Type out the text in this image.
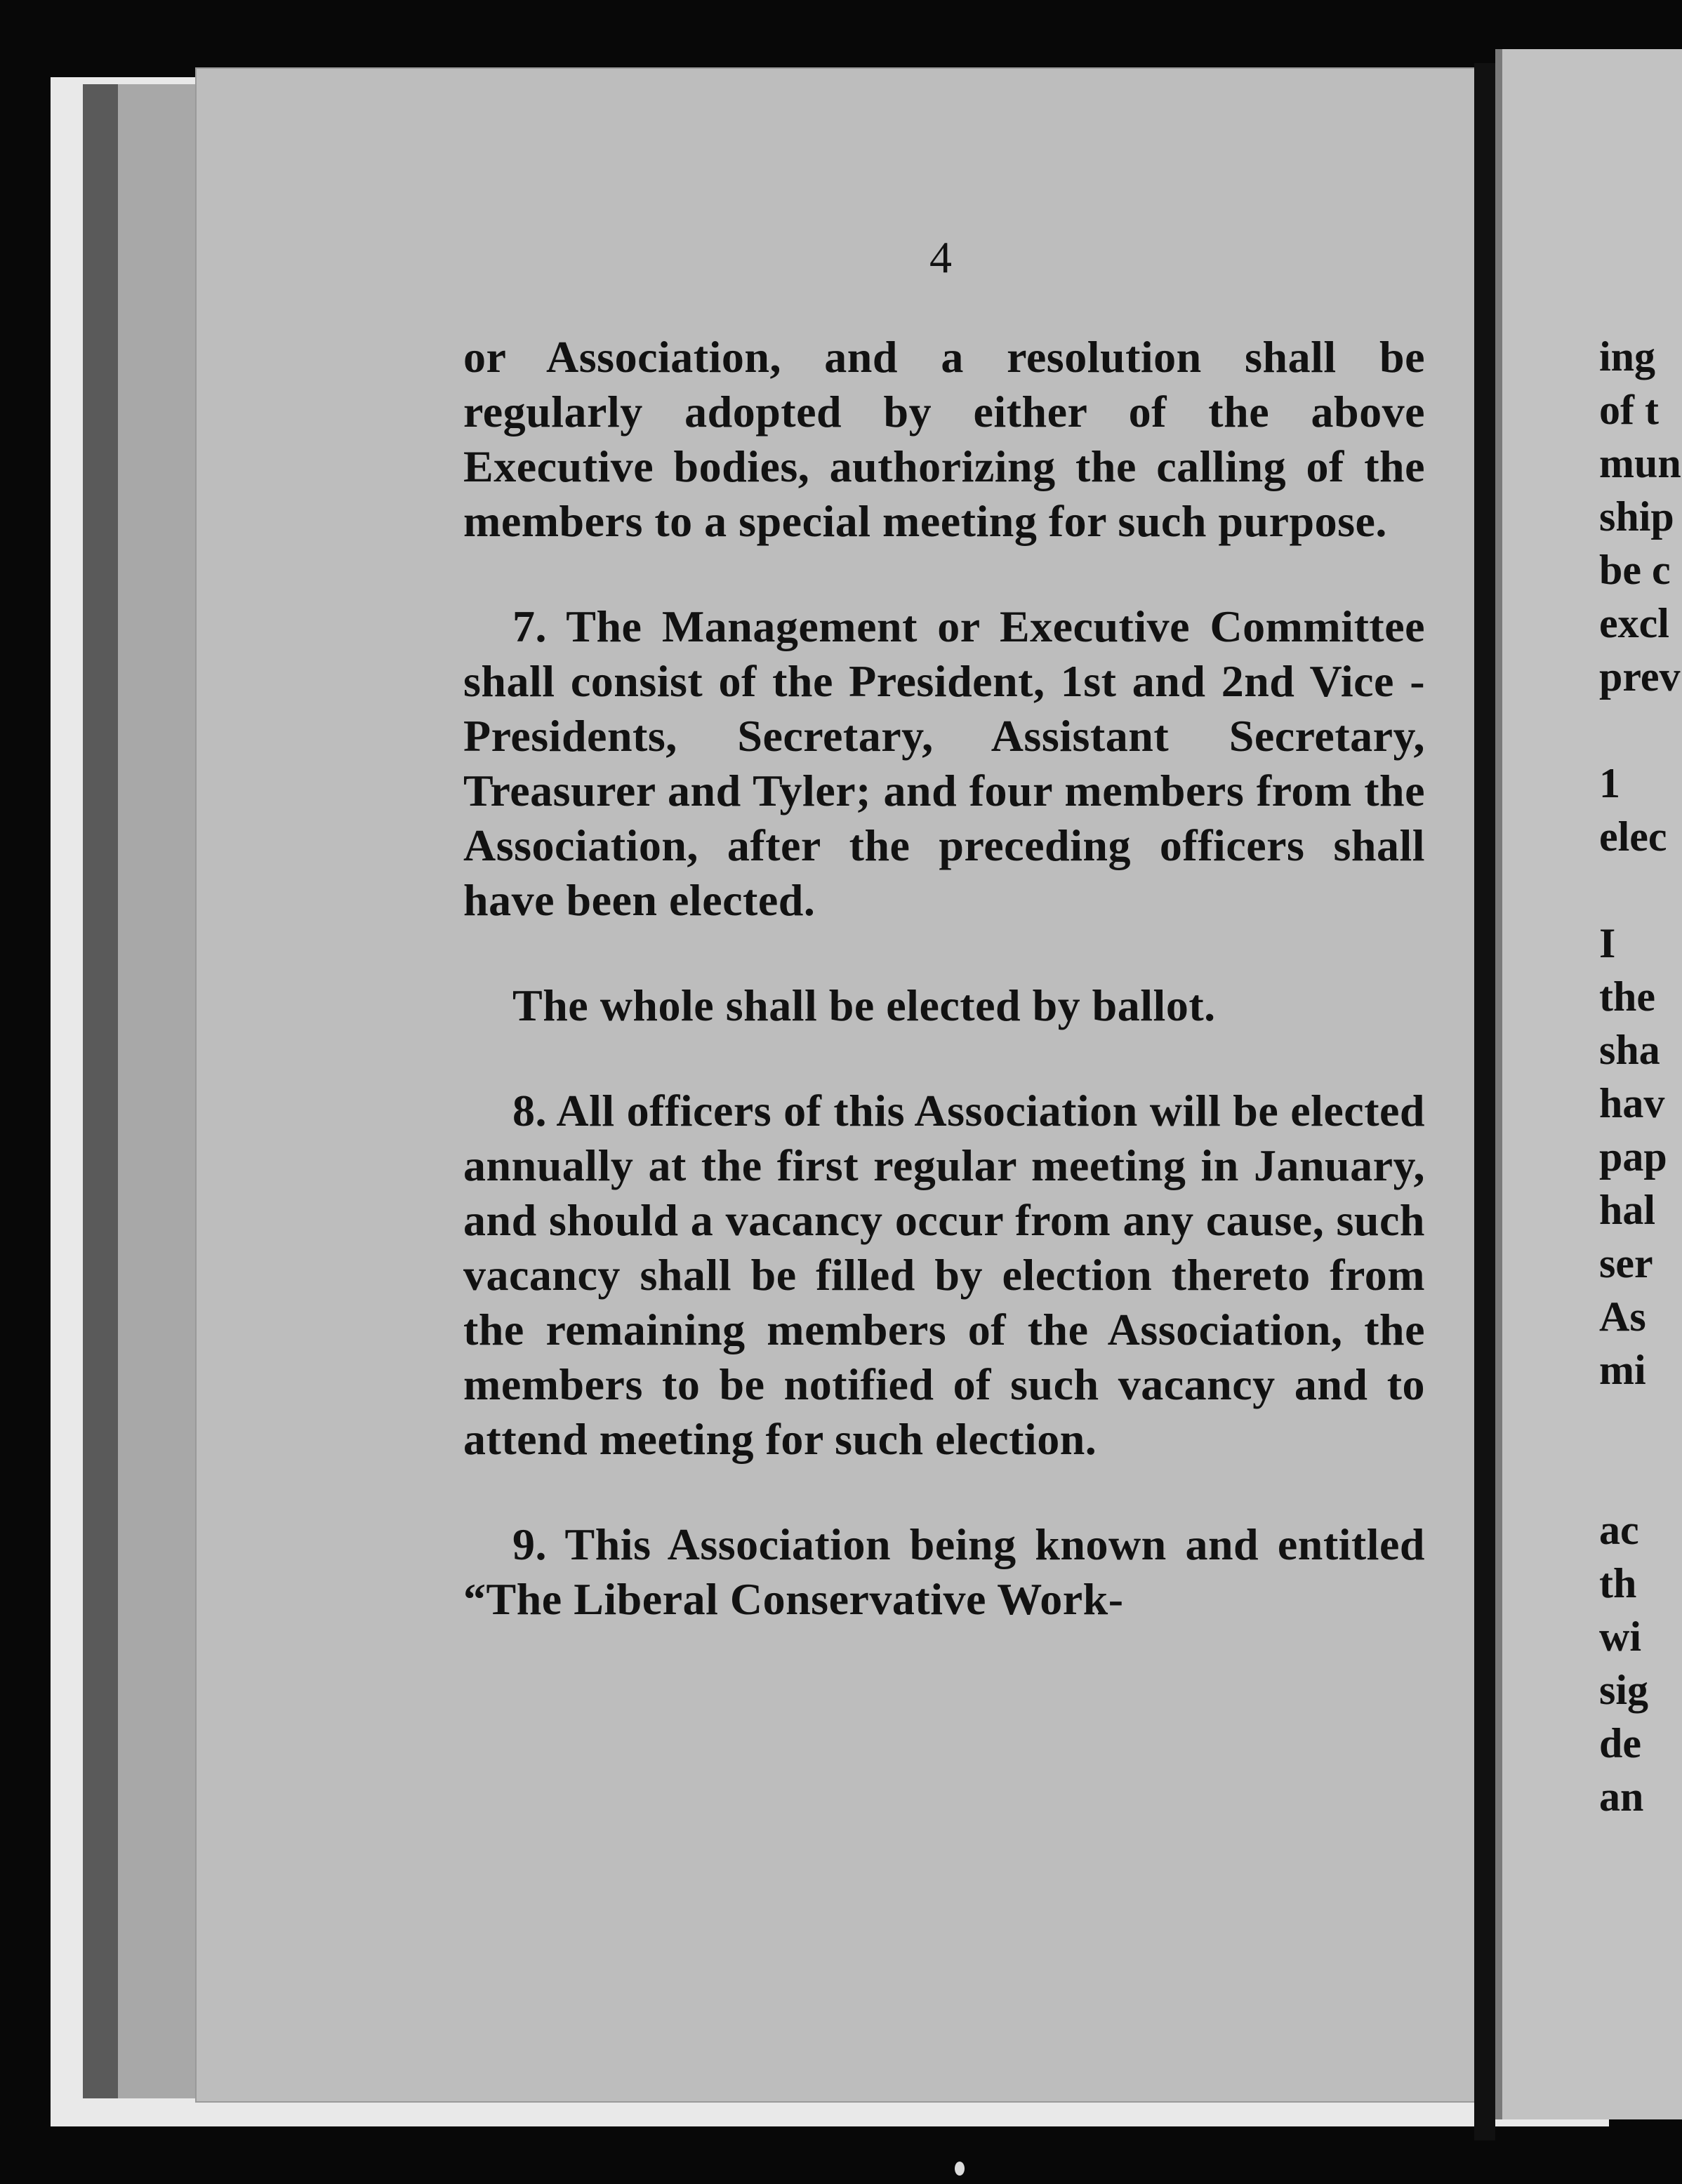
4

or Association, and a resolution shall be regularly adopted by either of the above Executive bodies, authorizing the calling of the members to a special meeting for such purpose.

7. The Management or Executive Committee shall consist of the President, 1st and 2nd Vice - Presidents, Secretary, Assistant Secretary, Treasurer and Tyler; and four members from the Association, after the preceding officers shall have been elected.

The whole shall be elected by ballot.

8. All officers of this Association will be elected annually at the first regular meeting in January, and should a vacancy occur from any cause, such vacancy shall be filled by election thereto from the remaining members of the Association, the members to be notified of such vacancy and to attend meeting for such election.

9. This Association being known and entitled “The Liberal Conservative Work-

ing
of t
mun
ship
be c
excl
prev
1
elec
I
the
sha
hav
pap
hal
ser
As
mi
ac
th
wi
sig
de
an
